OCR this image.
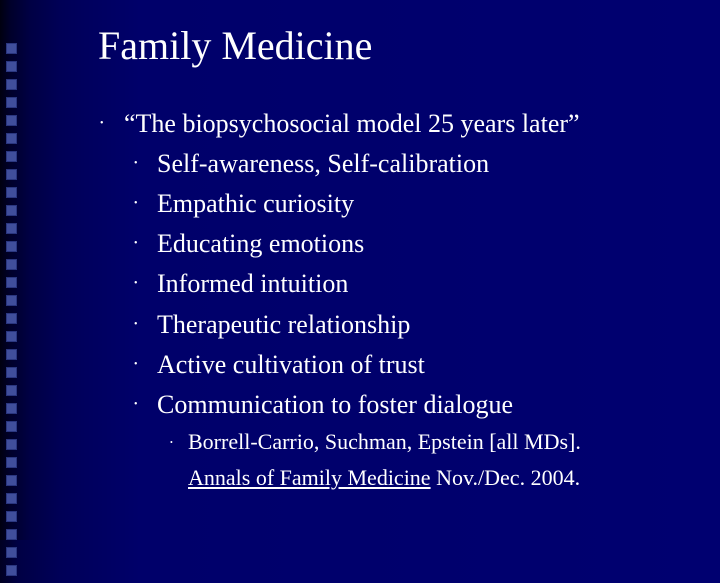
Family Medicine
• “The biopsychosocial model 25 years later”
• Self-awareness, Self-calibration
• Empathic curiosity
• Educating emotions
• Informed intuition
• Therapeutic relationship
• Active cultivation of trust
• Communication to foster dialogue
• Borrell-Carrio, Suchman, Epstein [all MDs].
Annals of Family Medicine Nov./Dec. 2004.
